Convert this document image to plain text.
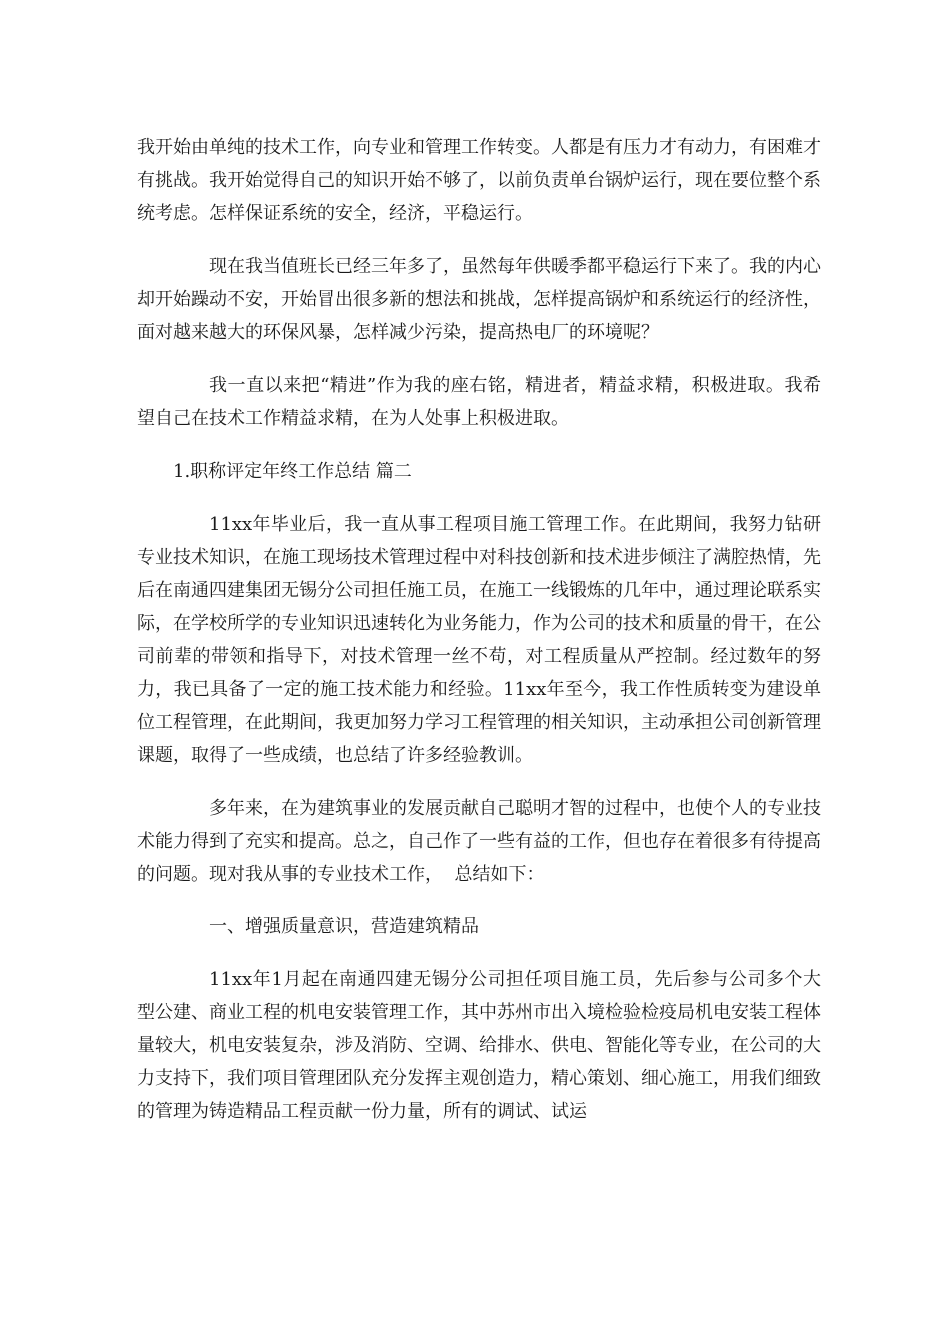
我开始由单纯的技术工作，向专业和管理工作转变。人都是有压力才有动力，有困难才有挑战。我开始觉得自己的知识开始不够了，以前负责单台锅炉运行，现在要位整个系统考虑。怎样保证系统的安全，经济，平稳运行。

现在我当值班长已经三年多了，虽然每年供暖季都平稳运行下来了。我的内心却开始躁动不安，开始冒出很多新的想法和挑战，怎样提高锅炉和系统运行的经济性，面对越来越大的环保风暴，怎样减少污染，提高热电厂的环境呢？

我一直以来把“精进”作为我的座右铭，精进者，精益求精，积极进取。我希望自己在技术工作精益求精，在为人处事上积极进取。

1.职称评定年终工作总结 篇二

11xx年毕业后，我一直从事工程项目施工管理工作。在此期间，我努力钻研专业技术知识，在施工现场技术管理过程中对科技创新和技术进步倾注了满腔热情，先后在南通四建集团无锡分公司担任施工员，在施工一线锻炼的几年中，通过理论联系实际，在学校所学的专业知识迅速转化为业务能力，作为公司的技术和质量的骨干，在公司前辈的带领和指导下，对技术管理一丝不苟，对工程质量从严控制。经过数年的努力，我已具备了一定的施工技术能力和经验。11xx年至今，我工作性质转变为建设单位工程管理，在此期间，我更加努力学习工程管理的相关知识，主动承担公司创新管理课题，取得了一些成绩，也总结了许多经验教训。

多年来，在为建筑事业的发展贡献自己聪明才智的过程中，也使个人的专业技术能力得到了充实和提高。总之，自己作了一些有益的工作，但也存在着很多有待提高的问题。现对我从事的专业技术工作，  总结如下：

一、增强质量意识，营造建筑精品

11xx年1月起在南通四建无锡分公司担任项目施工员，先后参与公司多个大型公建、商业工程的机电安装管理工作，其中苏州市出入境检验检疫局机电安装工程体量较大，机电安装复杂，涉及消防、空调、给排水、供电、智能化等专业，在公司的大力支持下，我们项目管理团队充分发挥主观创造力，精心策划、细心施工，用我们细致的管理为铸造精品工程贡献一份力量，所有的调试、试运
